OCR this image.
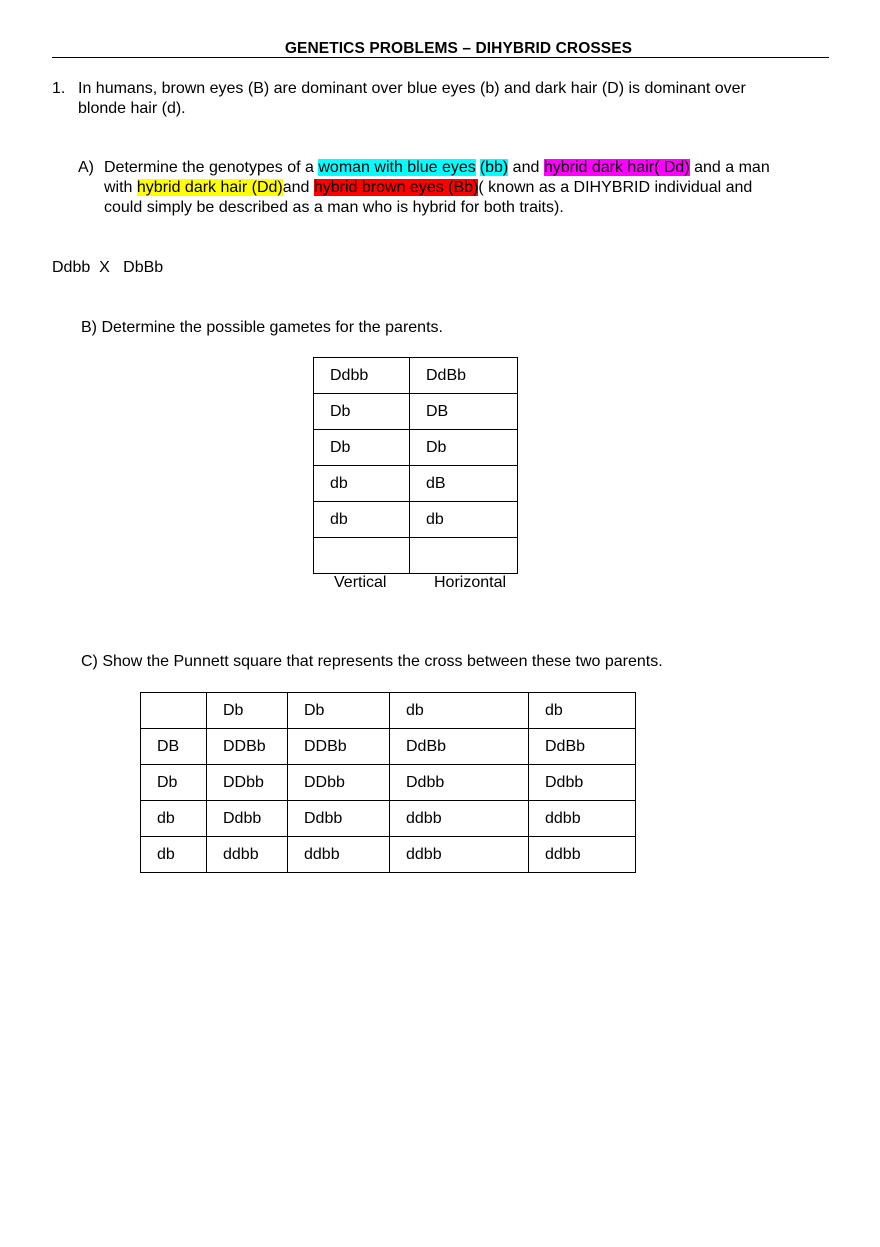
GENETICS PROBLEMS – DIHYBRID CROSSES
1. In humans, brown eyes (B) are dominant over blue eyes (b) and dark hair (D) is dominant over
blonde hair (d).
A) Determine the genotypes of a woman with blue eyes (bb) and hybrid dark hair( Dd) and a man
with hybrid dark hair (Dd)and hybrid brown eyes (Bb)( known as a DIHYBRID individual and
could simply be described as a man who is hybrid for both traits).
Ddbb  X   DbBb
B) Determine the possible gametes for the parents.
Ddbb	DdBb
Db	DB
Db	Db
db	dB
db	db

Vertical	Horizontal
C) Show the Punnett square that represents the cross between these two parents.
	Db	Db	db	db
DB	DDBb	DDBb	DdBb	DdBb
Db	DDbb	DDbb	Ddbb	Ddbb
db	Ddbb	Ddbb	ddbb	ddbb
db	ddbb	ddbb	ddbb	ddbb
